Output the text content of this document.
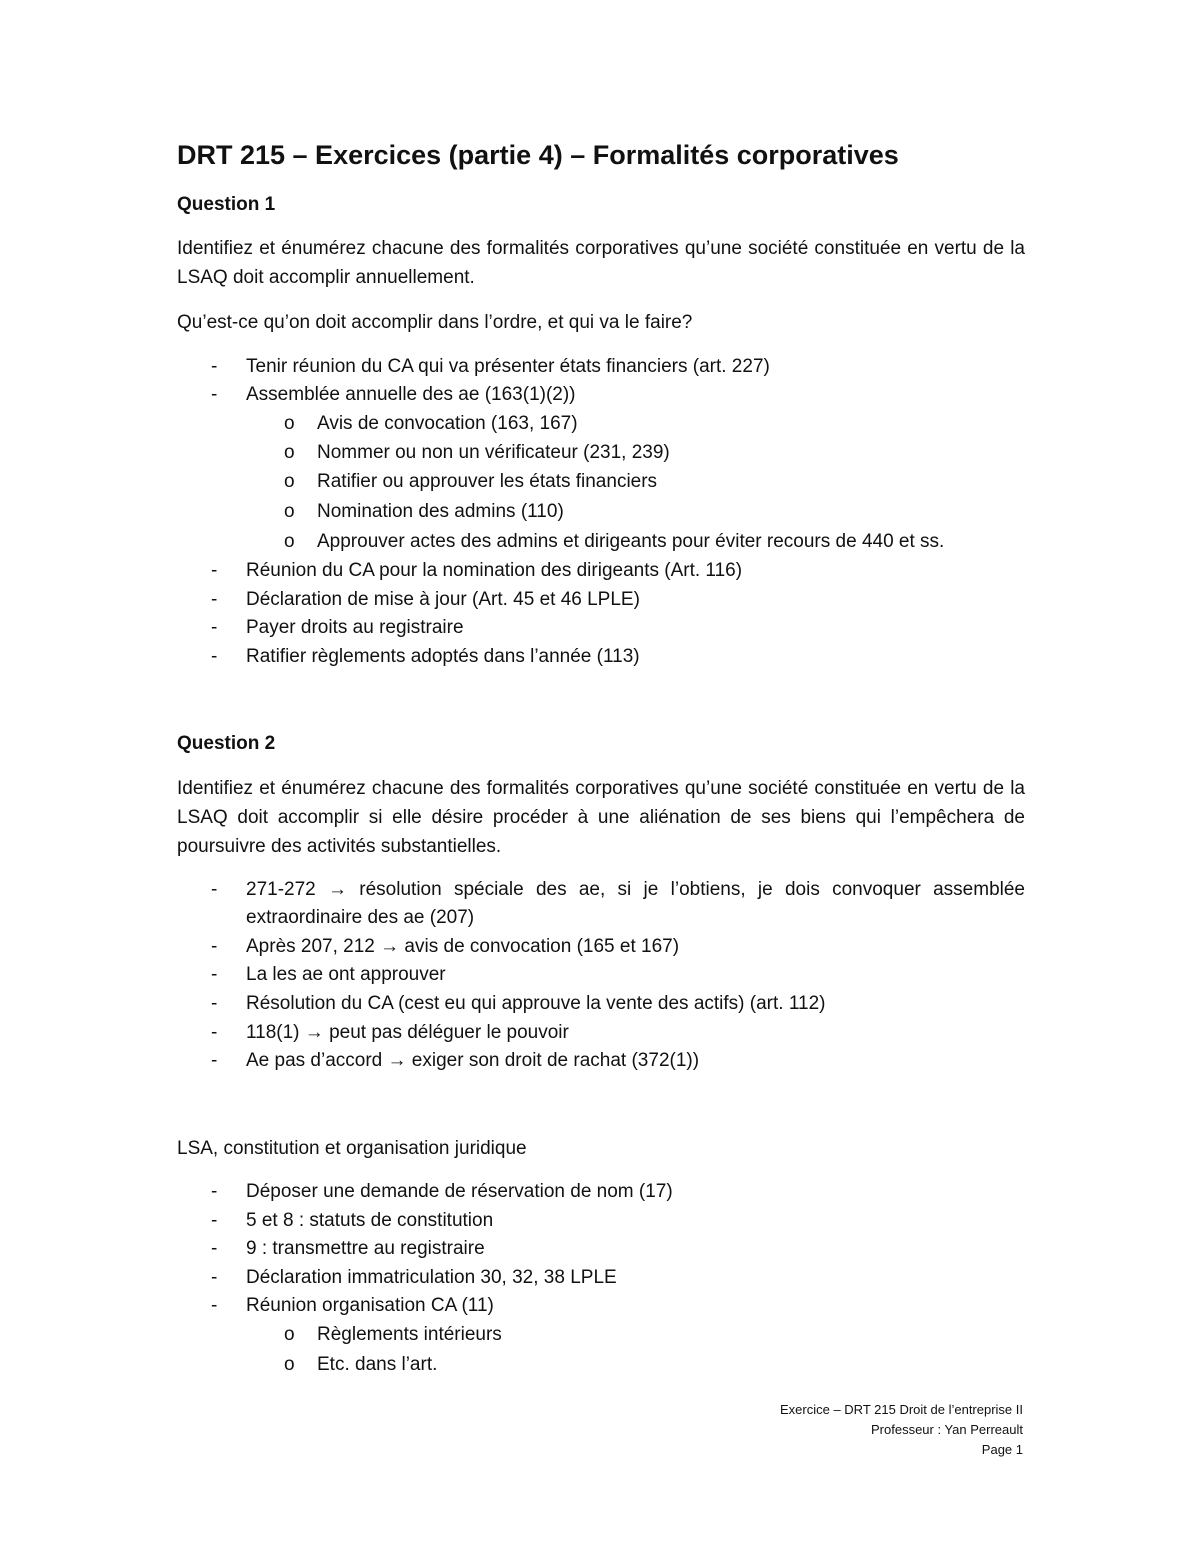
DRT 215 – Exercices (partie 4) – Formalités corporatives
Question 1

Identifiez et énumérez chacune des formalités corporatives qu’une société constituée en vertu de la LSAQ doit accomplir annuellement.

Qu’est-ce qu’on doit accomplir dans l’ordre, et qui va le faire?

- Tenir réunion du CA qui va présenter états financiers (art. 227)
- Assemblée annuelle des ae (163(1)(2))
o Avis de convocation (163, 167)
o Nommer ou non un vérificateur (231, 239)
o Ratifier ou approuver les états financiers
o Nomination des admins (110)
o Approuver actes des admins et dirigeants pour éviter recours de 440 et ss.
- Réunion du CA pour la nomination des dirigeants (Art. 116)
- Déclaration de mise à jour (Art. 45 et 46 LPLE)
- Payer droits au registraire
- Ratifier règlements adoptés dans l’année (113)
Question 2

Identifiez et énumérez chacune des formalités corporatives qu’une société constituée en vertu de la LSAQ doit accomplir si elle désire procéder à une aliénation de ses biens qui l’empêchera de poursuivre des activités substantielles.

- 271-272 → résolution spéciale des ae, si je l’obtiens, je dois convoquer assemblée extraordinaire des ae (207)
- Après 207, 212 → avis de convocation (165 et 167)
- La les ae ont approuver
- Résolution du CA (cest eu qui approuve la vente des actifs) (art. 112)
- 118(1) → peut pas déléguer le pouvoir
- Ae pas d’accord → exiger son droit de rachat (372(1))

LSA, constitution et organisation juridique

- Déposer une demande de réservation de nom (17)
- 5 et 8 : statuts de constitution
- 9 : transmettre au registraire
- Déclaration immatriculation 30, 32, 38 LPLE
- Réunion organisation CA (11)
o Règlements intérieurs
o Etc. dans l’art.
Exercice – DRT 215 Droit de l’entreprise II
Professeur : Yan Perreault
Page 1
